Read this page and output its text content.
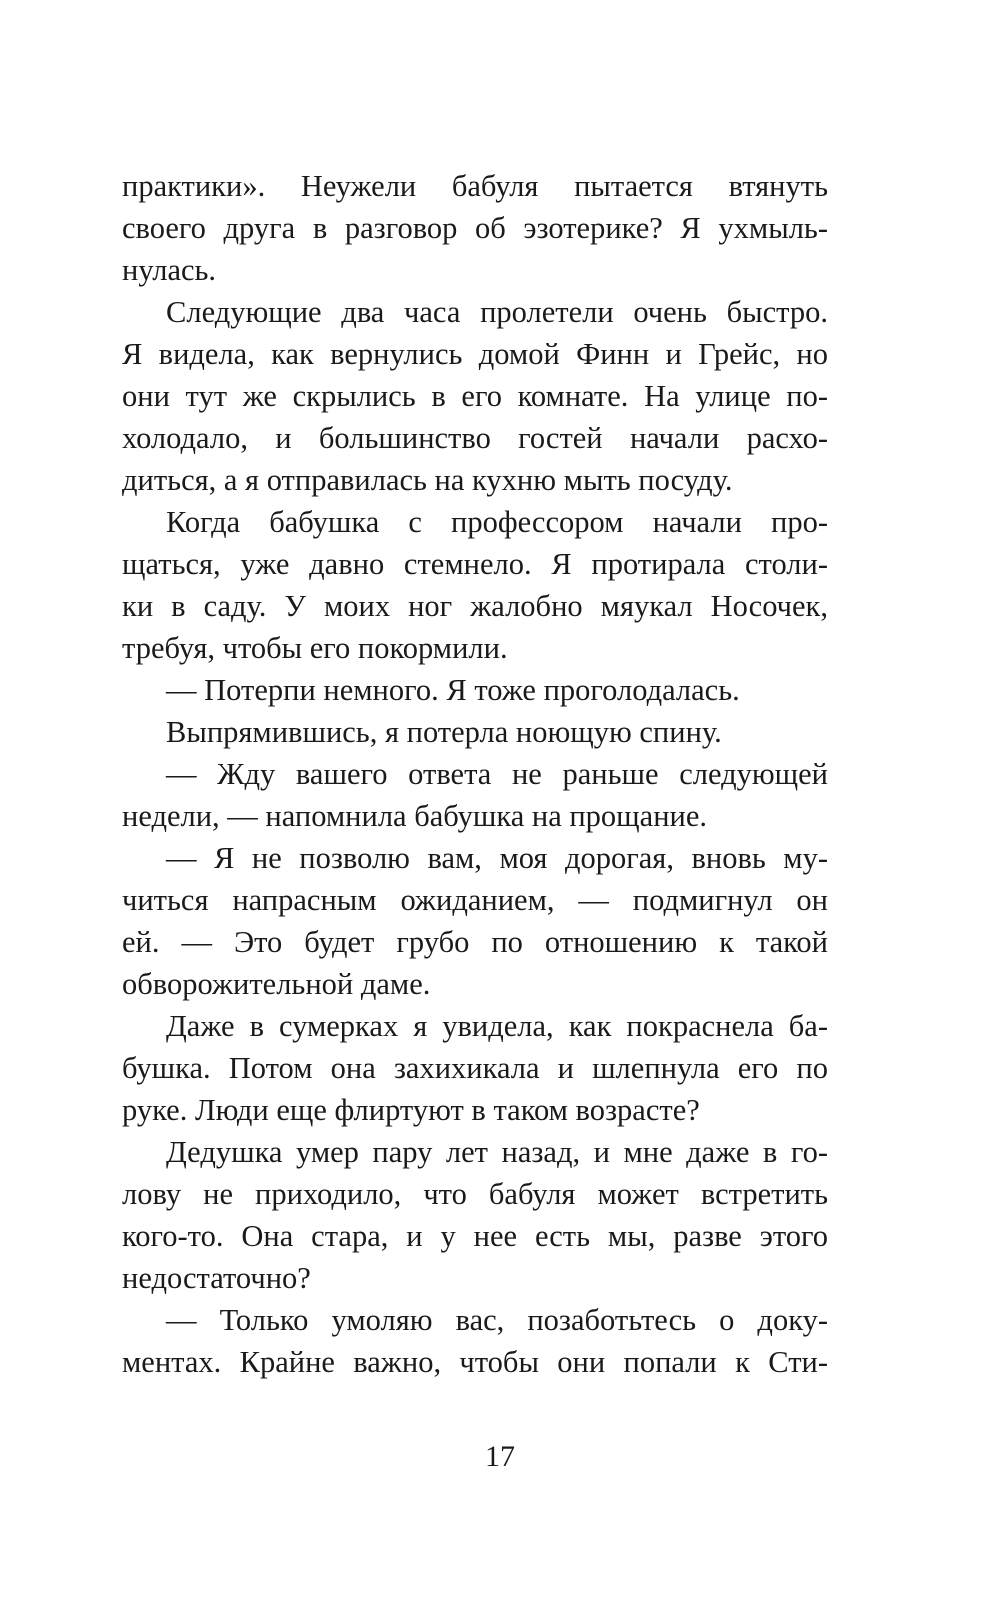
практики». Неужели бабуля пытается втянуть
своего друга в разговор об эзотерике? Я ухмыль-
нулась.
Следующие два часа пролетели очень быстро.
Я видела, как вернулись домой Финн и Грейс, но
они тут же скрылись в его комнате. На улице по-
холодало, и большинство гостей начали расхо-
диться, а я отправилась на кухню мыть посуду.
Когда бабушка с профессором начали про-
щаться, уже давно стемнело. Я протирала столи-
ки в саду. У моих ног жалобно мяукал Носочек,
требуя, чтобы его покормили.
— Потерпи немного. Я тоже проголодалась.
Выпрямившись, я потерла ноющую спину.
— Жду вашего ответа не раньше следующей
недели, — напомнила бабушка на прощание.
— Я не позволю вам, моя дорогая, вновь му-
читься напрасным ожиданием, — подмигнул он
ей. — Это будет грубо по отношению к такой
обворожительной даме.
Даже в сумерках я увидела, как покраснела ба-
бушка. Потом она захихикала и шлепнула его по
руке. Люди еще флиртуют в таком возрасте?
Дедушка умер пару лет назад, и мне даже в го-
лову не приходило, что бабуля может встретить
кого-то. Она стара, и у нее есть мы, разве этого
недостаточно?
— Только умоляю вас, позаботьтесь о доку-
ментах. Крайне важно, чтобы они попали к Сти-
17
